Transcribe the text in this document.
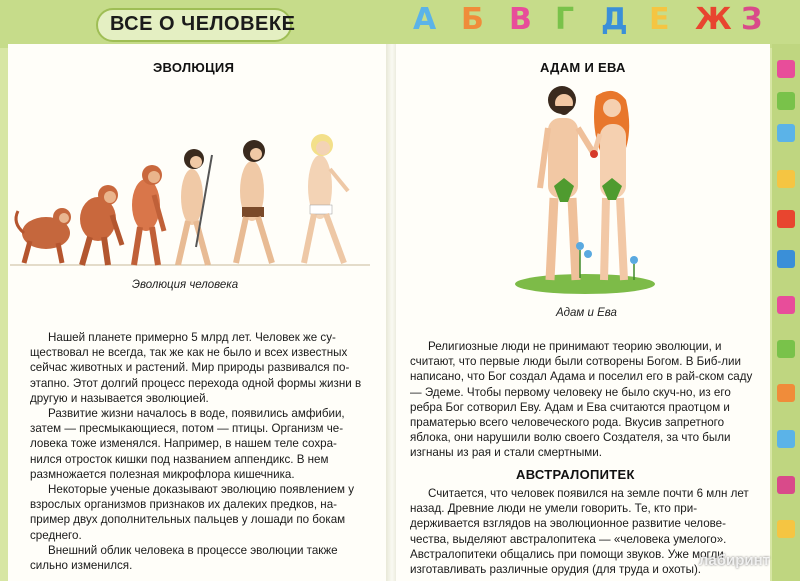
ВСЕ О ЧЕЛОВЕКЕ	А Б В Г Д Е Ж З
ЭВОЛЮЦИЯ
Эволюция человека

Нашей планете примерно 5 млрд лет. Человек же су-ществовал не всегда, так же как не было и всех известных сейчас животных и растений. Мир природы развивался по-этапно. Этот долгий процесс перехода одной формы жизни в другую и называется эволюцией.

Развитие жизни началось в воде, появились амфибии, затем — пресмыкающиеся, потом — птицы. Организм че-ловека тоже изменялся. Например, в нашем теле сохра-нился отросток кишки под названием аппендикс. В нем размножается полезная микрофлора кишечника.

Некоторые ученые доказывают эволюцию появлением у взрослых организмов признаков их далеких предков, на-пример двух дополнительных пальцев у лошади по бокам среднего.

Внешний облик человека в процессе эволюции также сильно изменился.

АДАМ И ЕВА
Адам и Ева

Религиозные люди не принимают теорию эволюции, и считают, что первые люди были сотворены Богом. В Биб-лии написано, что Бог создал Адама и поселил его в рай-ском саду — Эдеме. Чтобы первому человеку не было скуч-но, из его ребра Бог сотворил Еву. Адам и Ева считаются праотцом и праматерью всего человеческого рода. Вкусив запретного яблока, они нарушили волю своего Создателя, за что были изгнаны из рая и стали смертными.

АВСТРАЛОПИТЕК

Считается, что человек появился на земле почти 6 млн лет назад. Древние люди не умели говорить. Те, кто при-держивается взглядов на эволюционное развитие челове-чества, выделяют австралопитека — «человека умелого». Австралопитеки общались при помощи звуков. Уже могли изготавливать различные орудия (для труда и охоты).

лабиринт
